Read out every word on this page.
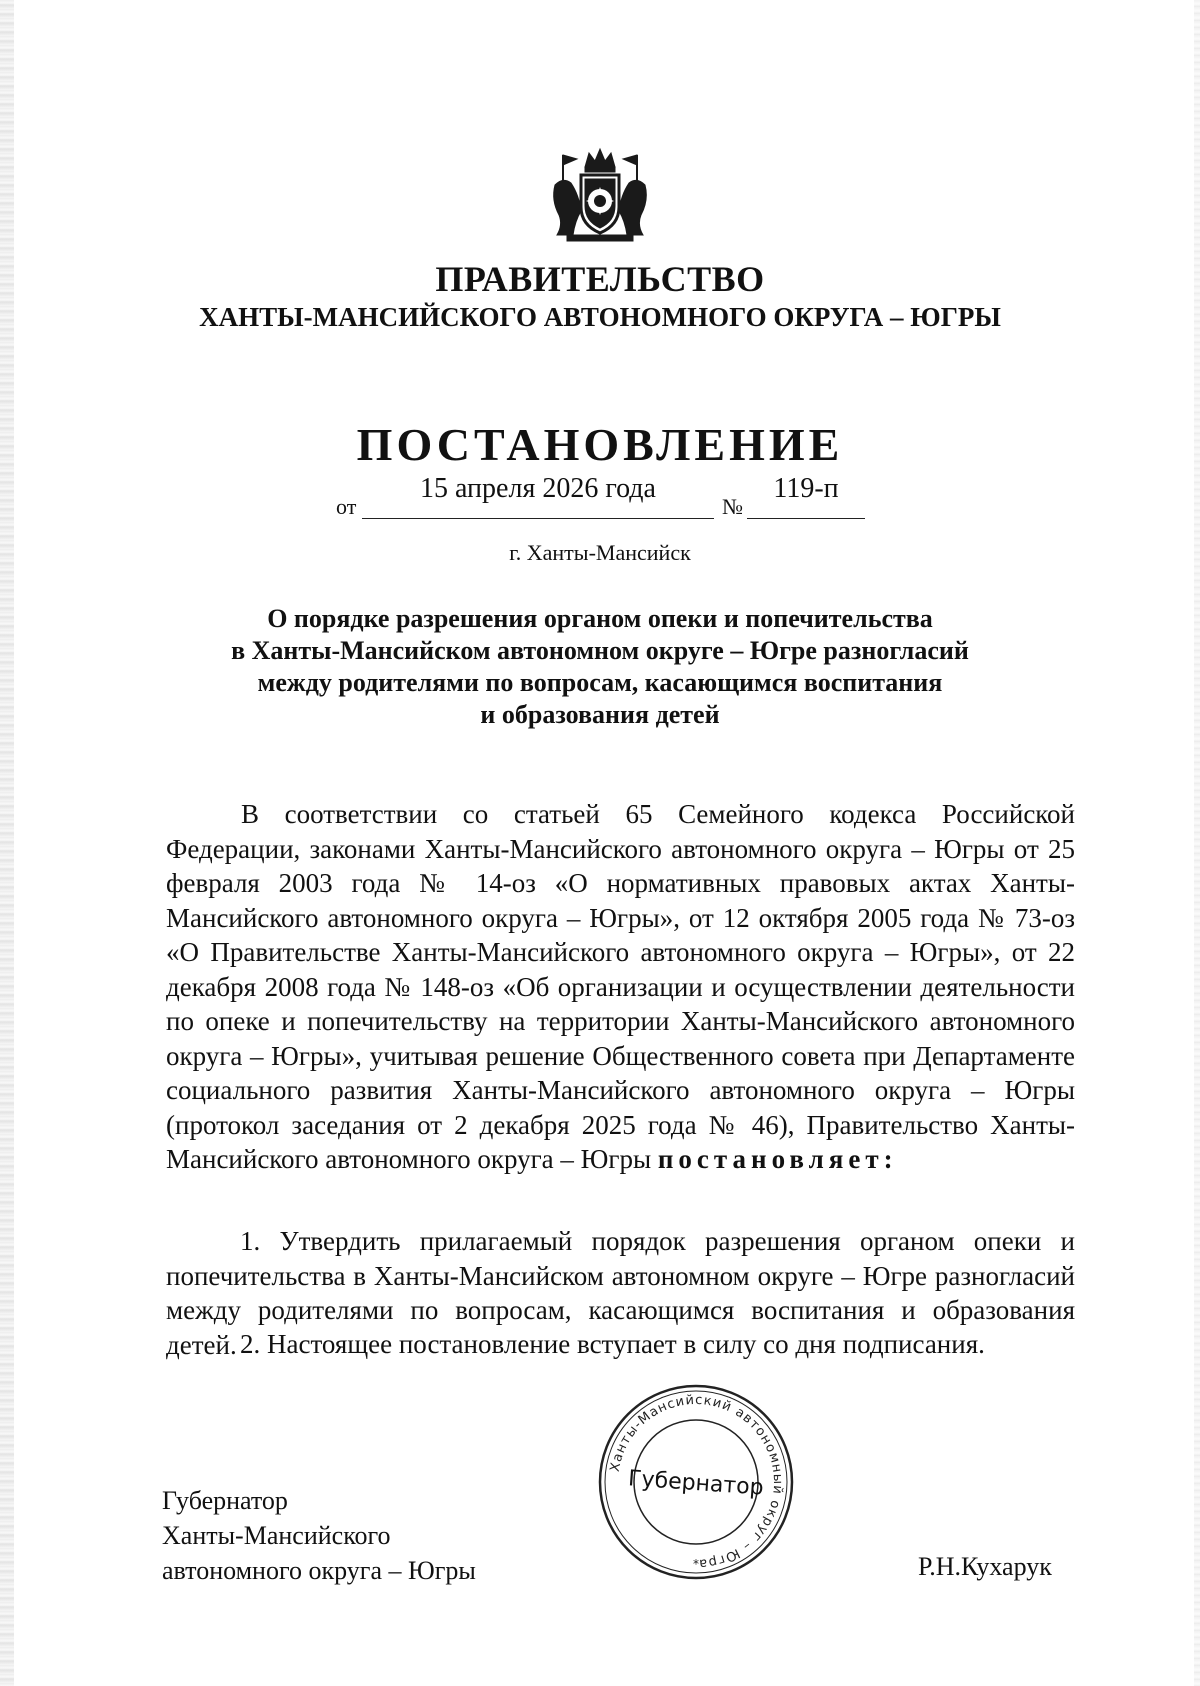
ПРАВИТЕЛЬСТВО
ХАНТЫ-МАНСИЙСКОГО АВТОНОМНОГО ОКРУГА – ЮГРЫ
ПОСТАНОВЛЕНИЕ
от
15 апреля 2026 года
№
119-п
г. Ханты-Мансийск
О порядке разрешения органом опеки и попечительства
в Ханты-Мансийском автономном округе – Югре разногласий
между родителями по вопросам, касающимся воспитания
и образования детей

В соответствии со статьей 65 Семейного кодекса Российской Федерации, законами Ханты-Мансийского автономного округа – Югры от 25 февраля 2003 года № 14-оз «О нормативных правовых актах Ханты-Мансийского автономного округа – Югры», от 12 октября 2005 года № 73-оз «О Правительстве Ханты-Мансийского автономного округа – Югры», от 22 декабря 2008 года № 148-оз «Об организации и осуществлении деятельности по опеке и попечительству на территории Ханты-Мансийского автономного округа – Югры», учитывая решение Общественного совета при Департаменте социального развития Ханты-Мансийского автономного округа – Югры (протокол заседания от 2 декабря 2025 года № 46), Правительство Ханты-Мансийского автономного округа – Югры постановляет:

1. Утвердить прилагаемый порядок разрешения органом опеки и попечительства в Ханты-Мансийском автономном округе – Югре разногласий между родителями по вопросам, касающимся воспитания и образования детей. 2. Настоящее постановление вступает в силу со дня подписания.

Губернатор
Ханты-Мансийского
автономного округа – Югры
Ханты-Мансийский автономный округ – Югра
Губернатор
*	Р.Н.Кухарук
